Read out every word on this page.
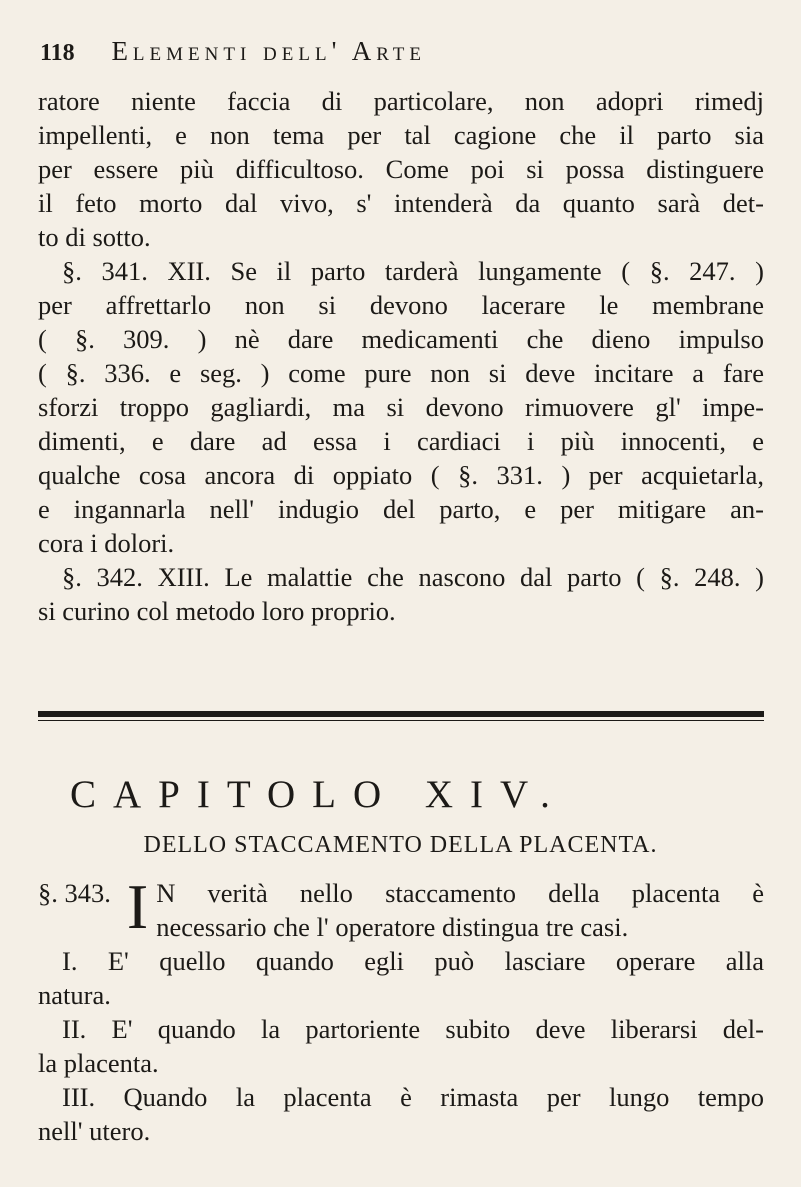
118 Elementi dell' Arte
ratore niente faccia di particolare, non adopri rimedj
impellenti, e non tema per tal cagione che il parto sia
per essere più difficultoso. Come poi si possa distinguere
il feto morto dal vivo, s' intenderà da quanto sarà det-
to di sotto.
§. 341. XII. Se il parto tarderà lungamente ( §. 247. )
per affrettarlo non si devono lacerare le membrane
( §. 309. ) nè dare medicamenti che dieno impulso
( §. 336. e seg. ) come pure non si deve incitare a fare
sforzi troppo gagliardi, ma si devono rimuovere gl' impe-
dimenti, e dare ad essa i cardiaci i più innocenti, e
qualche cosa ancora di oppiato ( §. 331. ) per acquietarla,
e ingannarla nell' indugio del parto, e per mitigare an-
cora i dolori.
§. 342. XIII. Le malattie che nascono dal parto ( §. 248. )
si curino col metodo loro proprio.
CAPITOLO XIV.
DELLO STACCAMENTO DELLA PLACENTA.
§. 343. I N verità nello staccamento della placenta è
necessario che l' operatore distingua tre casi.
I. E' quello quando egli può lasciare operare alla
natura.
II. E' quando la partoriente subito deve liberarsi del-
la placenta.
III. Quando la placenta è rimasta per lungo tempo
nell' utero.
